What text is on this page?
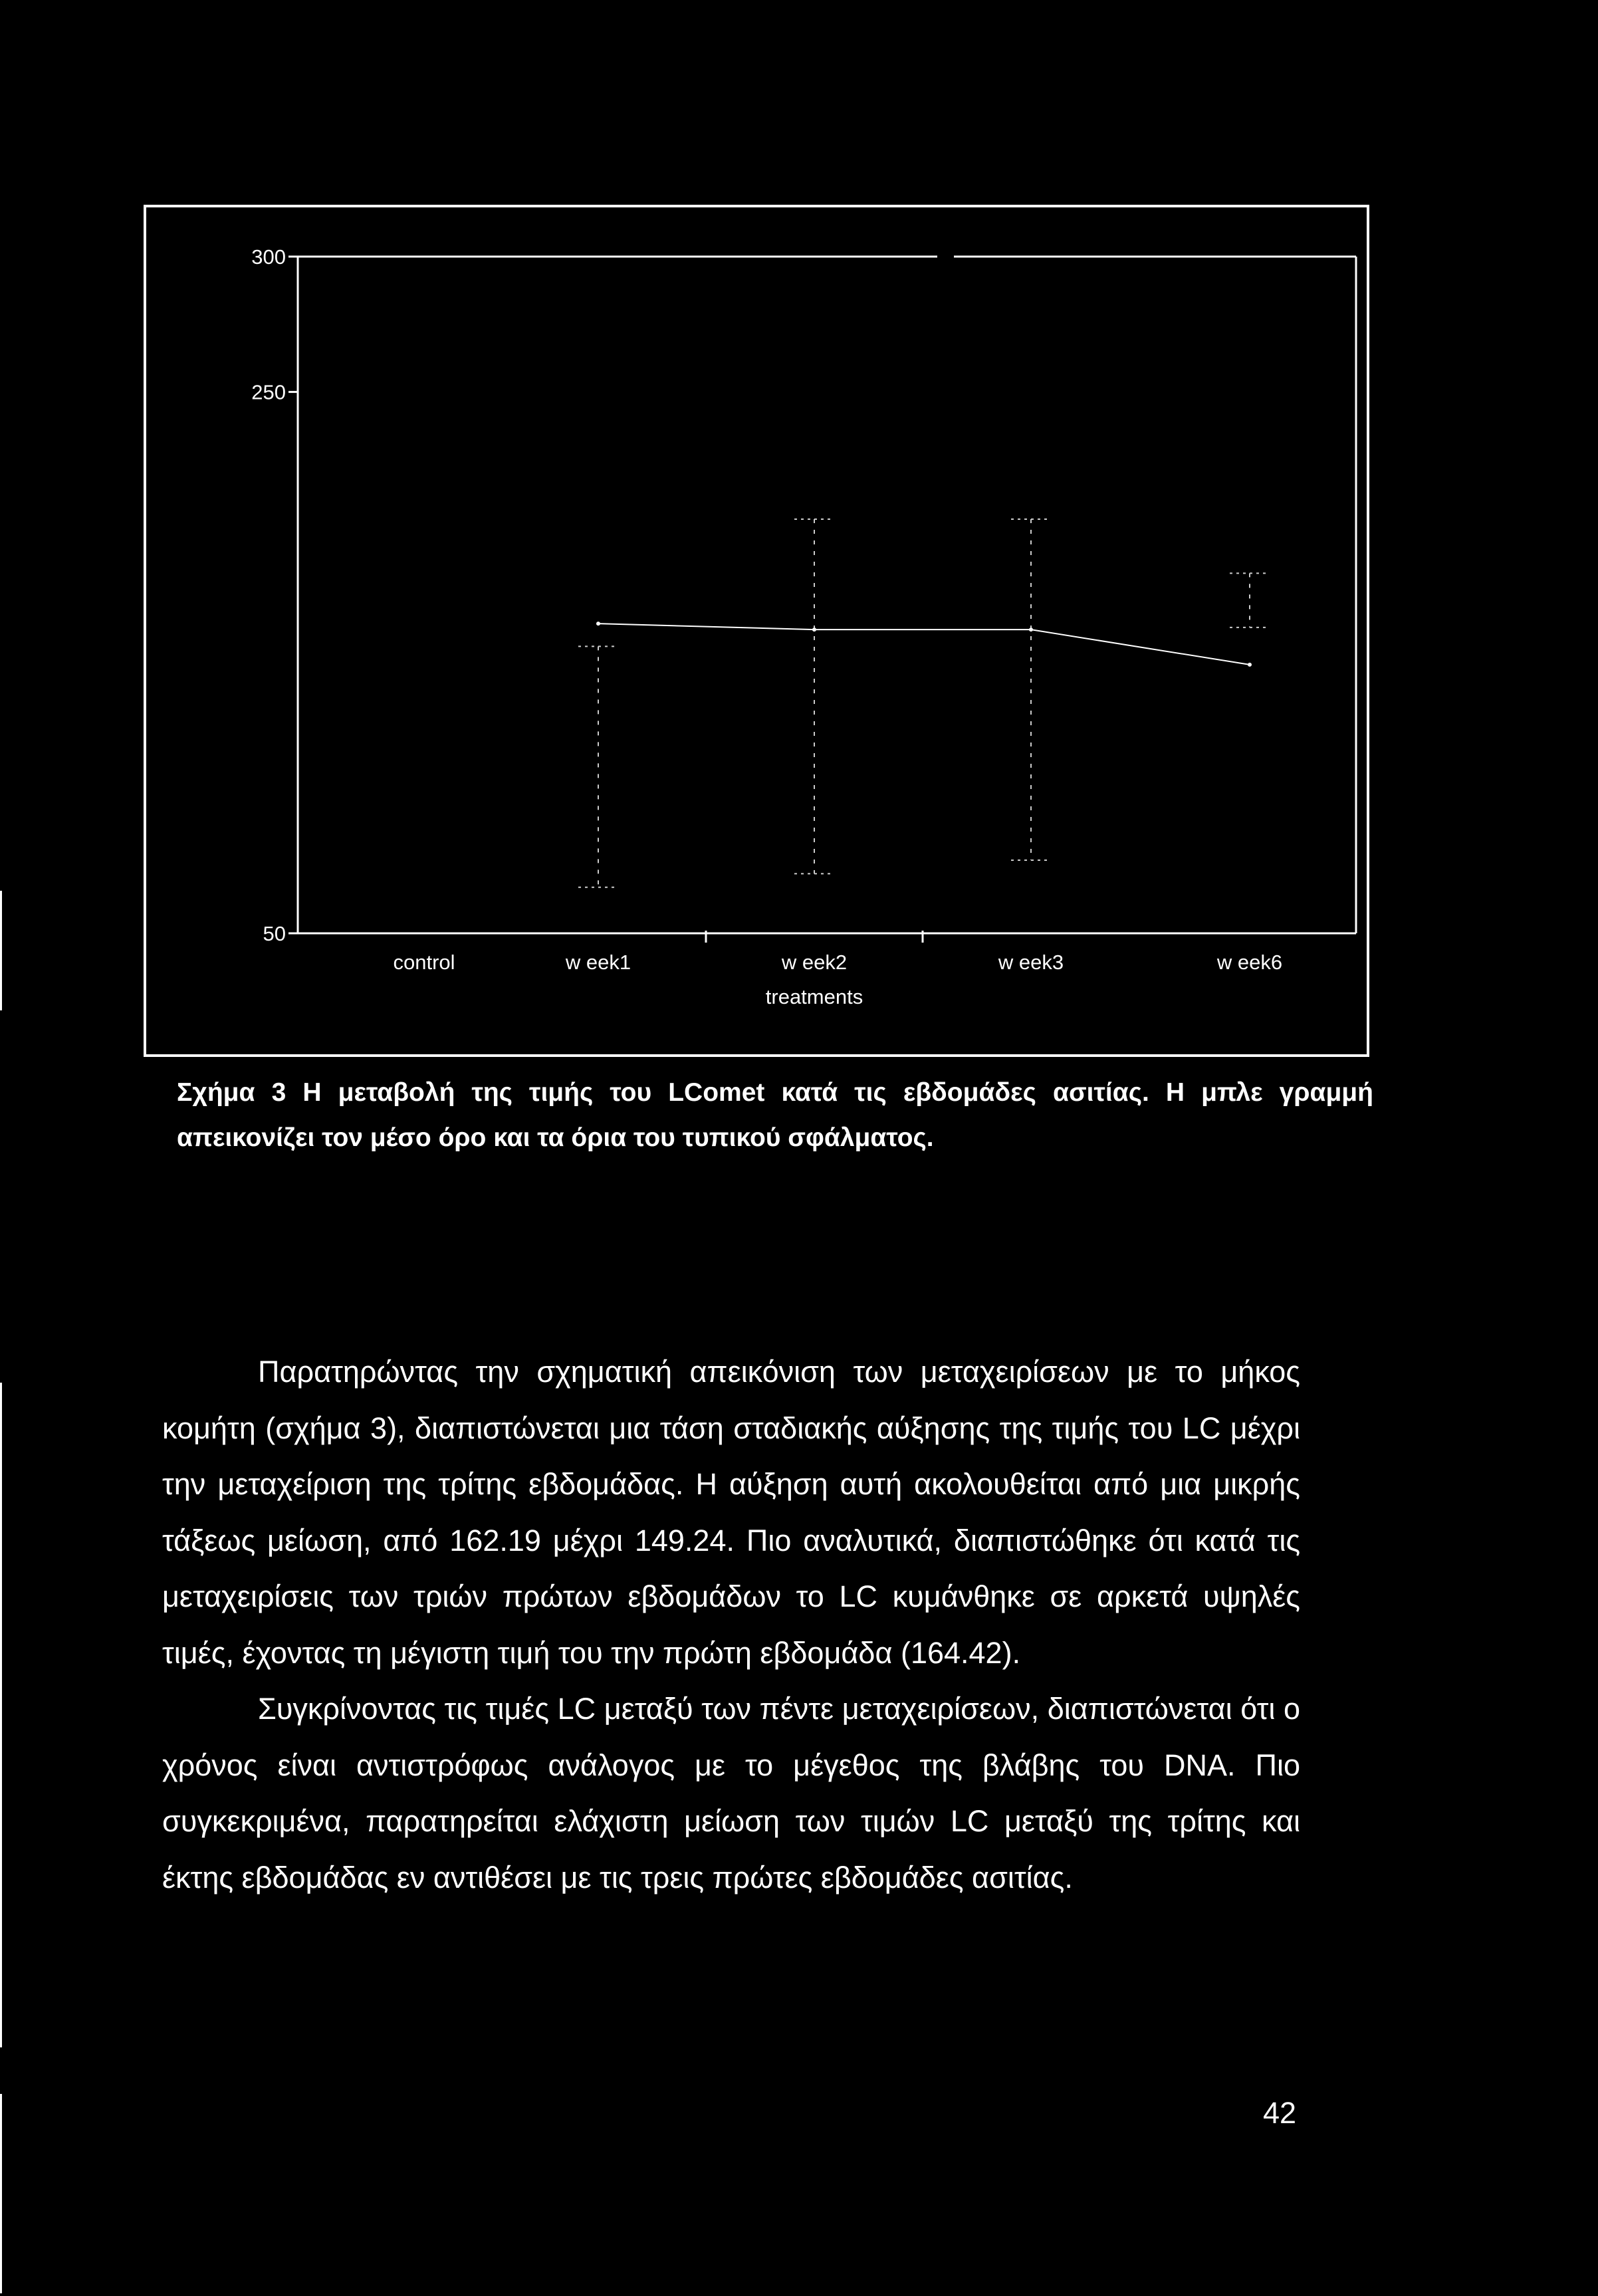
300
250
50
control	w eek1	w eek2	w eek3	w eek6
treatments
Σχήμα 3 Η μεταβολή της τιμής του LComet κατά τις εβδομάδες ασιτίας. Η μπλε γραμμή
απεικονίζει τον μέσο όρο και τα όρια του τυπικού σφάλματος.

Παρατηρώντας την σχηματική απεικόνιση των μεταχειρίσεων με το μήκος κομήτη (σχήμα 3), διαπιστώνεται μια τάση σταδιακής αύξησης της τιμής του LC μέχρι την μεταχείριση της τρίτης εβδομάδας. Η αύξηση αυτή ακολουθείται από μια μικρής τάξεως μείωση, από 162.19 μέχρι 149.24. Πιο αναλυτικά, διαπιστώθηκε ότι κατά τις μεταχειρίσεις των τριών πρώτων εβδομάδων το LC κυμάνθηκε σε αρκετά υψηλές τιμές, έχοντας τη μέγιστη τιμή του την πρώτη εβδομάδα (164.42).

Συγκρίνοντας τις τιμές LC μεταξύ των πέντε μεταχειρίσεων, διαπιστώνεται ότι ο χρόνος είναι αντιστρόφως ανάλογος με το μέγεθος της βλάβης του DNA. Πιο συγκεκριμένα, παρατηρείται ελάχιστη μείωση των τιμών LC μεταξύ της τρίτης και έκτης εβδομάδας εν αντιθέσει με τις τρεις πρώτες εβδομάδες ασιτίας.

42
